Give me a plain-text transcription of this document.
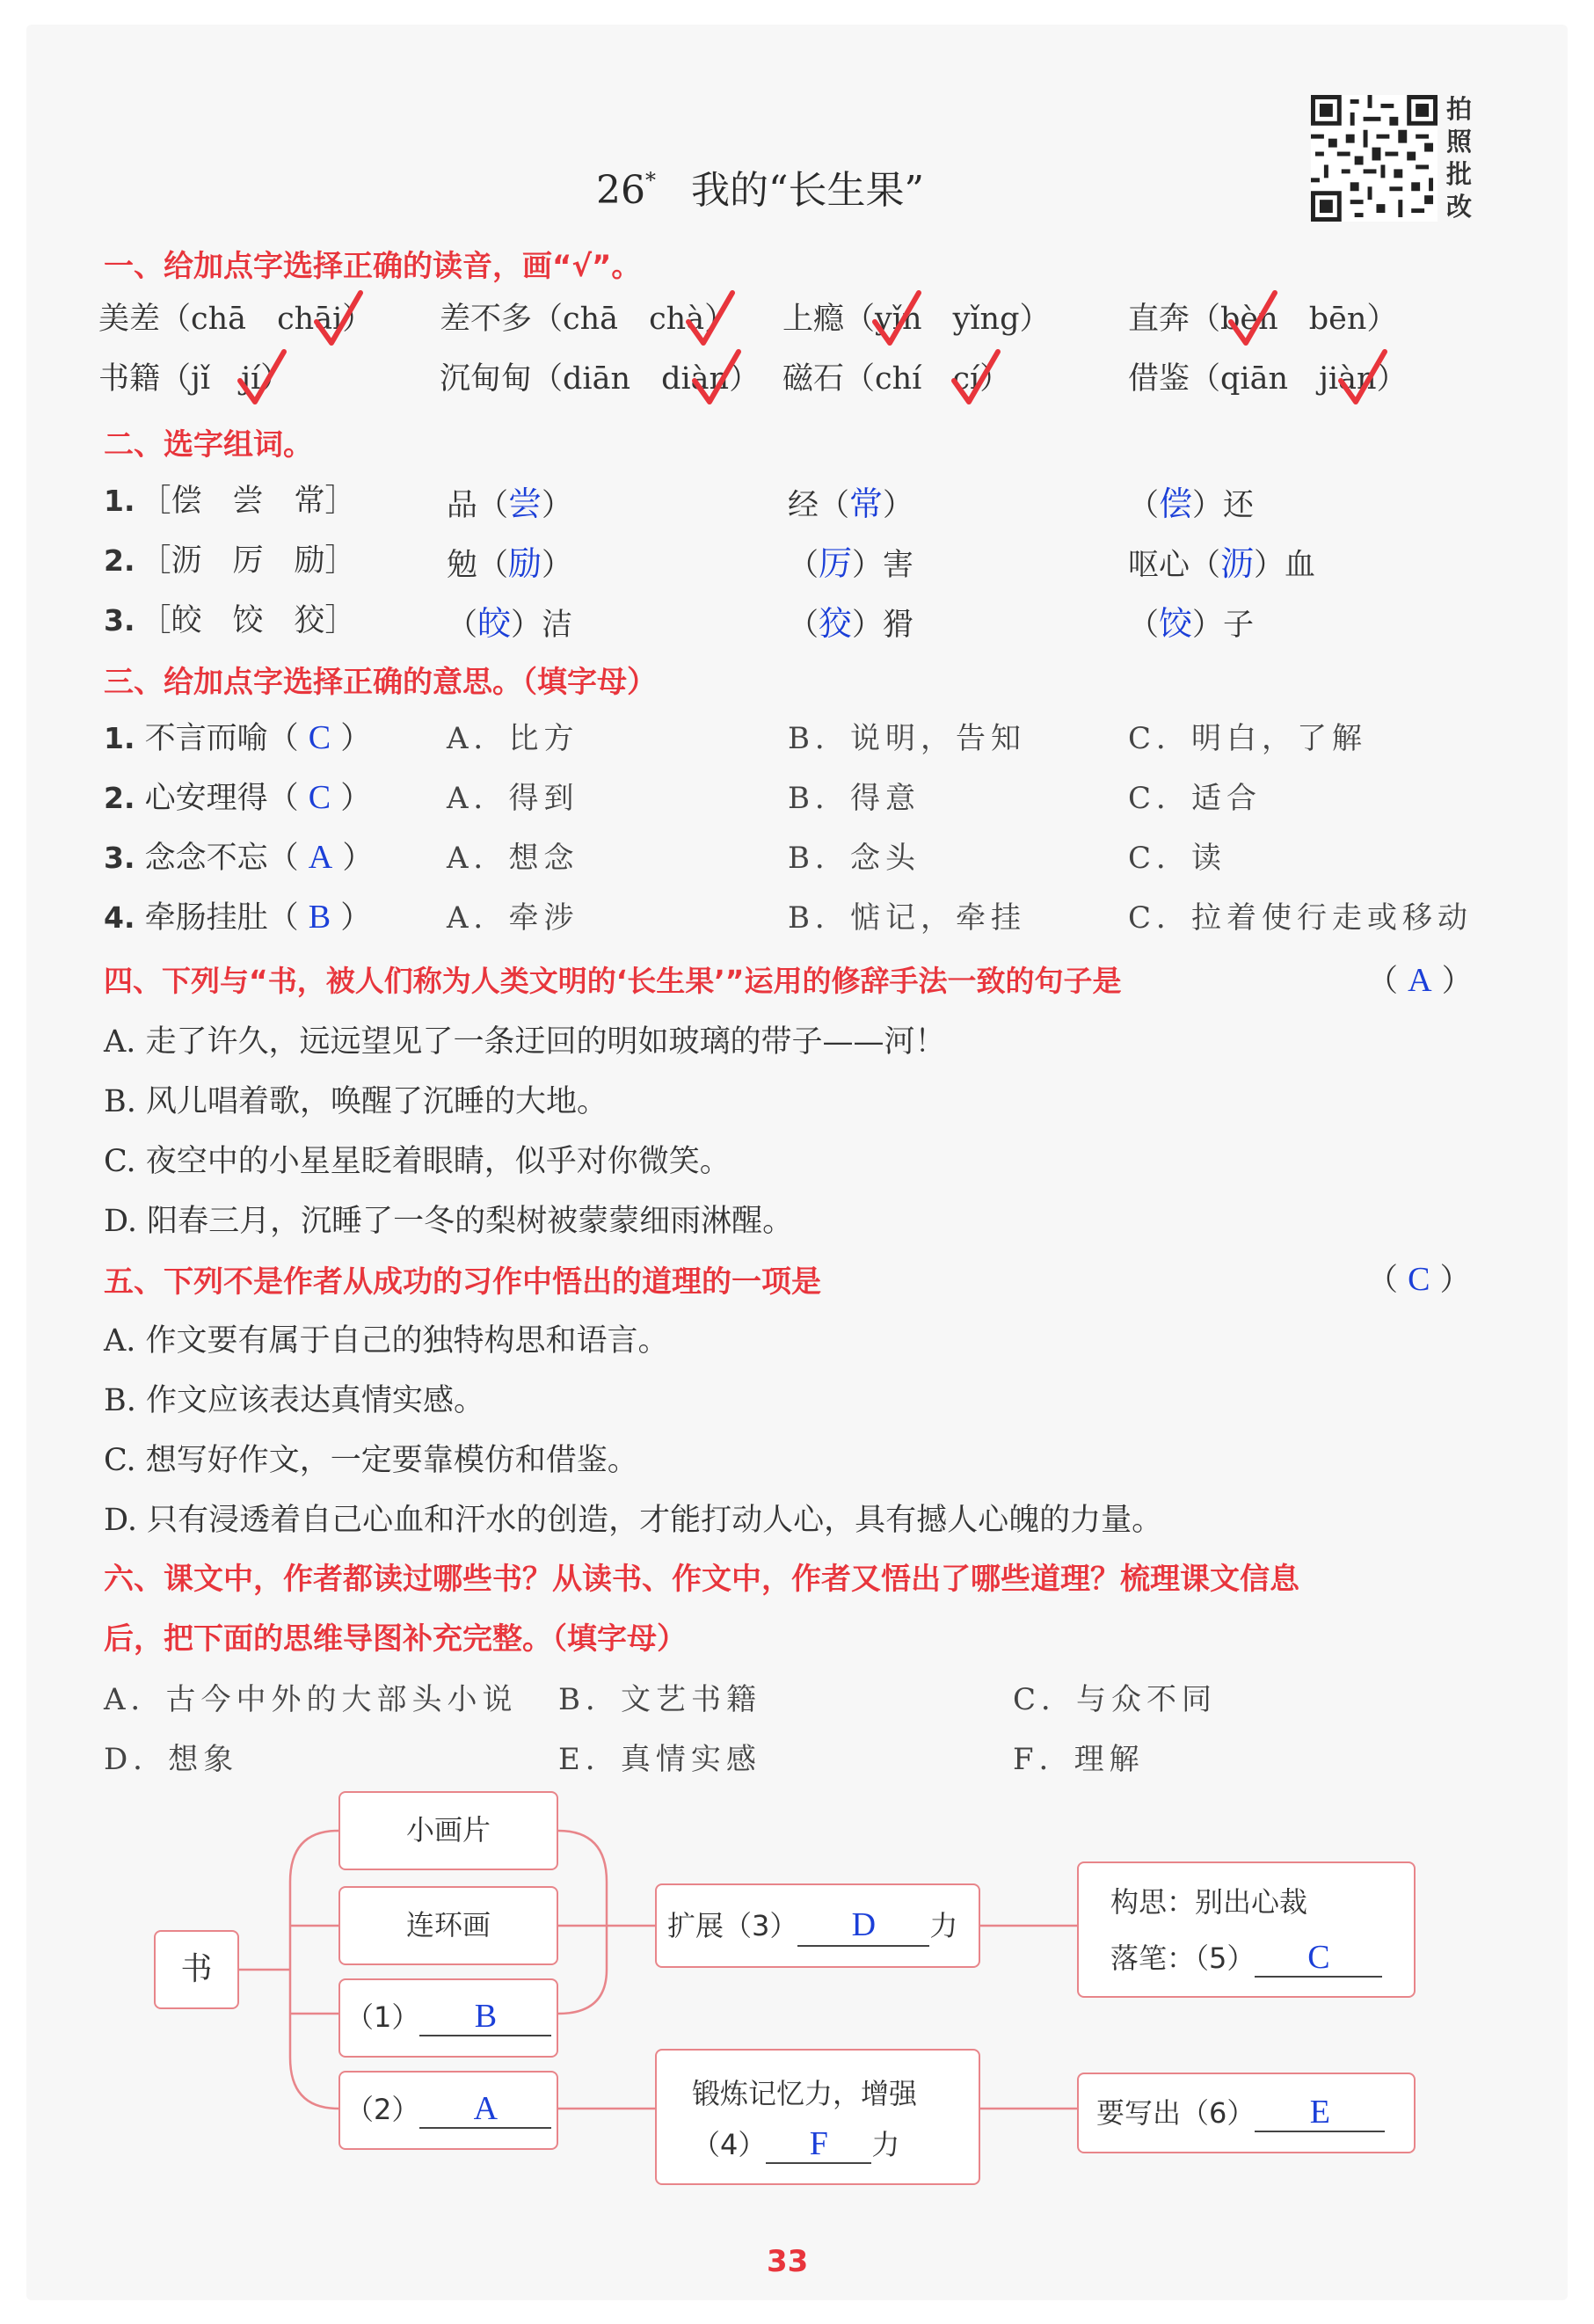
26* 我的“长生果”
拍照批改
一、给加点字选择正确的读音，画“√”。
美差（chā　 chāi） 差不多（chā　 chà） 上瘾（yǐn　 yǐng）	直奔（bèn　 bēn）
书籍（jǐ　 jí）	沉甸甸（diān　 diàn） 磁石（chí　 cí）	借鉴（qiān　 jiàn）
二、选字组词。
1. ［偿　尝　常］	品（尝）	经（常）	（偿）还
2. ［沥　厉　励］	勉（励）	（厉）害	呕心（沥）血
3. ［皎　饺　狡］	（皎）洁	（狡）猾	（饺）子
三、给加点字选择正确的意思。（填字母）
1. 不言而喻（ C ）	A．比方	B．说明，告知	C．明白，了解
2. 心安理得（ C ）	A．得到	B．得意	C．适合
3. 念念不忘（ A ） A．想念	B．念头	C．读
4. 牵肠挂肚（ B ）	A．牵涉	B．惦记，牵挂	C．拉着使行走或移动
四、下列与“书，被人们称为人类文明的‘长生果’”运用的修辞手法一致的句子是	（ A ）
A. 走了许久，远远望见了一条迂回的明如玻璃的带子——河！
B. 风儿唱着歌，唤醒了沉睡的大地。
C. 夜空中的小星星眨着眼睛，似乎对你微笑。
D. 阳春三月，沉睡了一冬的梨树被蒙蒙细雨淋醒。
五、下列不是作者从成功的习作中悟出的道理的一项是	（ C ）
A. 作文要有属于自己的独特构思和语言。
B. 作文应该表达真情实感。
C. 想写好作文，一定要靠模仿和借鉴。
D. 只有浸透着自己心血和汗水的创造，才能打动人心，具有撼人心魄的力量。
六、课文中，作者都读过哪些书？从读书、作文中，作者又悟出了哪些道理？梳理课文信息
后，把下面的思维导图补充完整。（填字母）
A．古今中外的大部头小说 B．文艺书籍	C．与众不同
D．想象	E．真情实感	F．理解
书
小画片
连环画
（1） B
（2） A
扩展（3） D 力
锻炼记忆力，增强
（4） F 力
构思：别出心裁
落笔：（5） C
要写出（6） E
33
